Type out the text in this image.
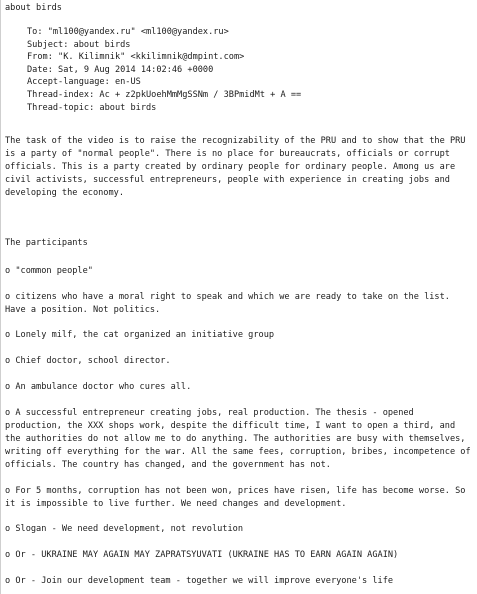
about birds
To: "ml100@yandex.ru" <ml100@yandex.ru>
Subject: about birds
From: "K. Kilimnik" <kkilimnik@dmpint.com>
Date: Sat, 9 Aug 2014 14:02:46 +0000
Accept-language: en-US
Thread-index: Ac + z2pkUoehMmMgSSNm / 3BPmidMt + A ==
Thread-topic: about birds
The task of the video is to raise the recognizability of the PRU and to show that the PRU is a party of "normal people". There is no place for bureaucrats, officials or corrupt officials. This is a party created by ordinary people for ordinary people. Among us are civil activists, successful entrepreneurs, people with experience in creating jobs and developing the economy.
The participants
o "common people"
o citizens who have a moral right to speak and which we are ready to take on the list. Have a position. Not politics.
o Lonely milf, the cat organized an initiative group
o Chief doctor, school director.
o An ambulance doctor who cures all.
o A successful entrepreneur creating jobs, real production. The thesis - opened production, the XXX shops work, despite the difficult time, I want to open a third, and the authorities do not allow me to do anything. The authorities are busy with themselves, writing off everything for the war. All the same fees, corruption, bribes, incompetence of officials. The country has changed, and the government has not.
o For 5 months, corruption has not been won, prices have risen, life has become worse. So it is impossible to live further. We need changes and development.
o Slogan - We need development, not revolution
o Or - UKRAINE MAY AGAIN MAY ZAPRATSYUVATI (UKRAINE HAS TO EARN AGAIN AGAIN)
o Or - Join our development team - together we will improve everyone's life
